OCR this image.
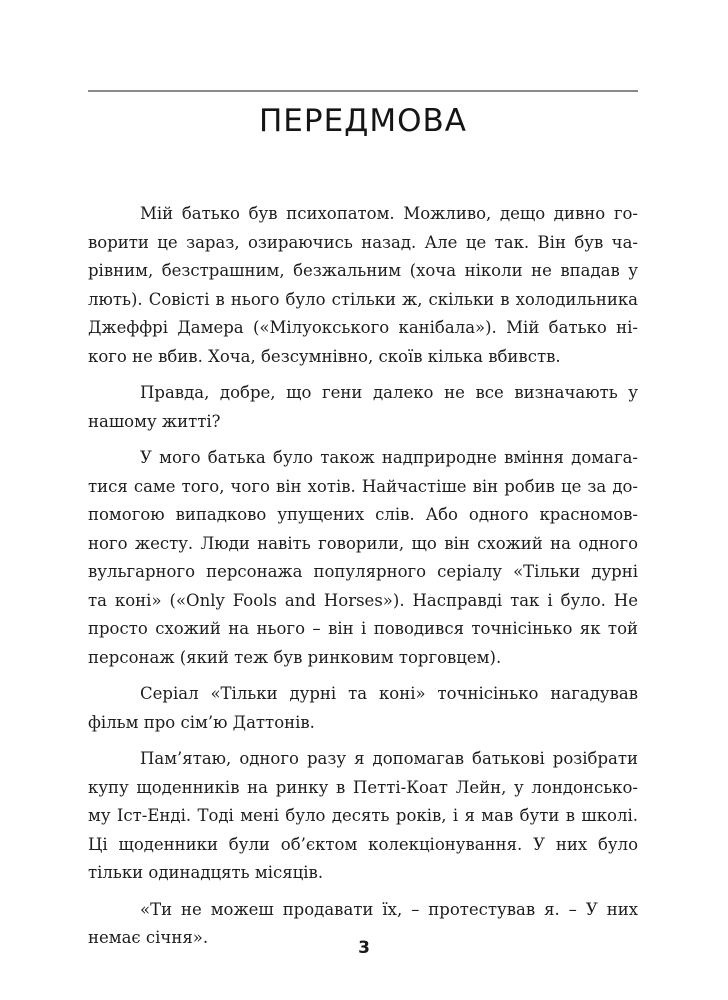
ПЕРЕДМОВА

Мій батько був психопатом. Можливо, дещо дивно го-
ворити це зараз, озираючись назад. Але це так. Він був ча-
рівним, безстрашним, безжальним (хоча ніколи не впадав у
лють). Совісті в нього було стільки ж, скільки в холодильника
Джеффрі Дамера («Мілуокського канібала»). Мій батько ні-
кого не вбив. Хоча, безсумнівно, скоїв кілька вбивств.

Правда, добре, що гени далеко не все визначають у
нашому житті?

У мого батька було також надприродне вміння домага-
тися саме того, чого він хотів. Найчастіше він робив це за до-
помогою випадково упущених слів. Або одного красномов-
ного жесту. Люди навіть говорили, що він схожий на одного
вульгарного персонажа популярного серіалу «Тільки дурні
та коні» («Only Fools and Horses»). Насправді так і було. Не
просто схожий на нього – він і поводився точнісінько як той
персонаж (який теж був ринковим торговцем).

Серіал «Тільки дурні та коні» точнісінько нагадував
фільм про сім’ю Даттонів.

Пам’ятаю, одного разу я допомагав батькові розібрати
купу щоденників на ринку в Петті-Коат Лейн, у лондонсько-
му Іст-Енді. Тоді мені було десять років, і я мав бути в школі.
Ці щоденники були об’єктом колекціонування. У них було
тільки одинадцять місяців.

«Ти не можеш продавати їх, – протестував я. – У них
немає січня».

3
